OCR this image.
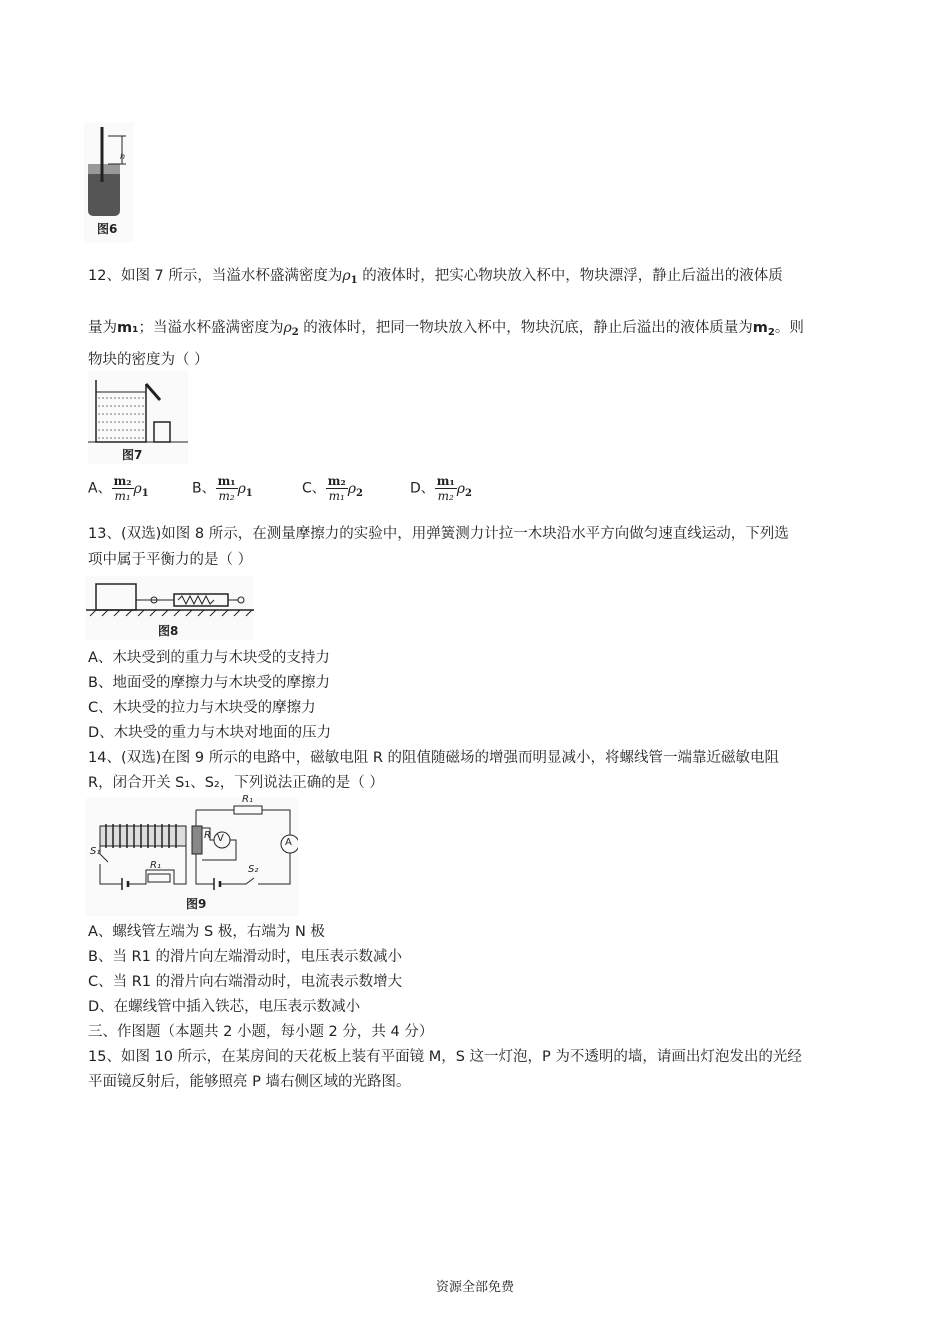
h
图6
12、如图 7 所示，当溢水杯盛满密度为$\rho_1$ 的液体时，把实心物块放入杯中，物块漂浮，静止后溢出的液体质
量为m₁；当溢水杯盛满密度为$\rho_2$ 的液体时，把同一物块放入杯中，物块沉底，静止后溢出的液体质量为$m_2$。则
物块的密度为（ ）
图7
A、 $\frac{\text{m₂}}{\text{m₁}} \rho_1$	B、 $\frac{\text{m₁}}{\text{m₂}} \rho_1$	C、 $\frac{\text{m₂}}{\text{m₁}} \rho_2$	D、 $\frac{\text{m₁}}{\text{m₂}} \rho_2$
13、(双选)如图 8 所示，在测量摩擦力的实验中，用弹簧测力计拉一木块沿水平方向做匀速直线运动，下列选
项中属于平衡力的是（ ）
图8
A、木块受到的重力与木块受的支持力
B、地面受的摩擦力与木块受的摩擦力
C、木块受的拉力与木块受的摩擦力
D、木块受的重力与木块对地面的压力
14、(双选)在图 9 所示的电路中，磁敏电阻 R 的阻值随磁场的增强而明显减小，将螺线管一端靠近磁敏电阻
R，闭合开关 S₁、S₂，下列说法正确的是（ ）
S₁
R₁
R V
R₁
A
S₂
图9
A、螺线管左端为 S 极，右端为 N 极
B、当 R1 的滑片向左端滑动时，电压表示数减小
C、当 R1 的滑片向右端滑动时，电流表示数增大
D、在螺线管中插入铁芯，电压表示数减小
三、作图题（本题共 2 小题，每小题 2 分，共 4 分）
15、如图 10 所示，在某房间的天花板上装有平面镜 M，S 这一灯泡，P 为不透明的墙，请画出灯泡发出的光经
平面镜反射后，能够照亮 P 墙右侧区域的光路图。
资源全部免费
